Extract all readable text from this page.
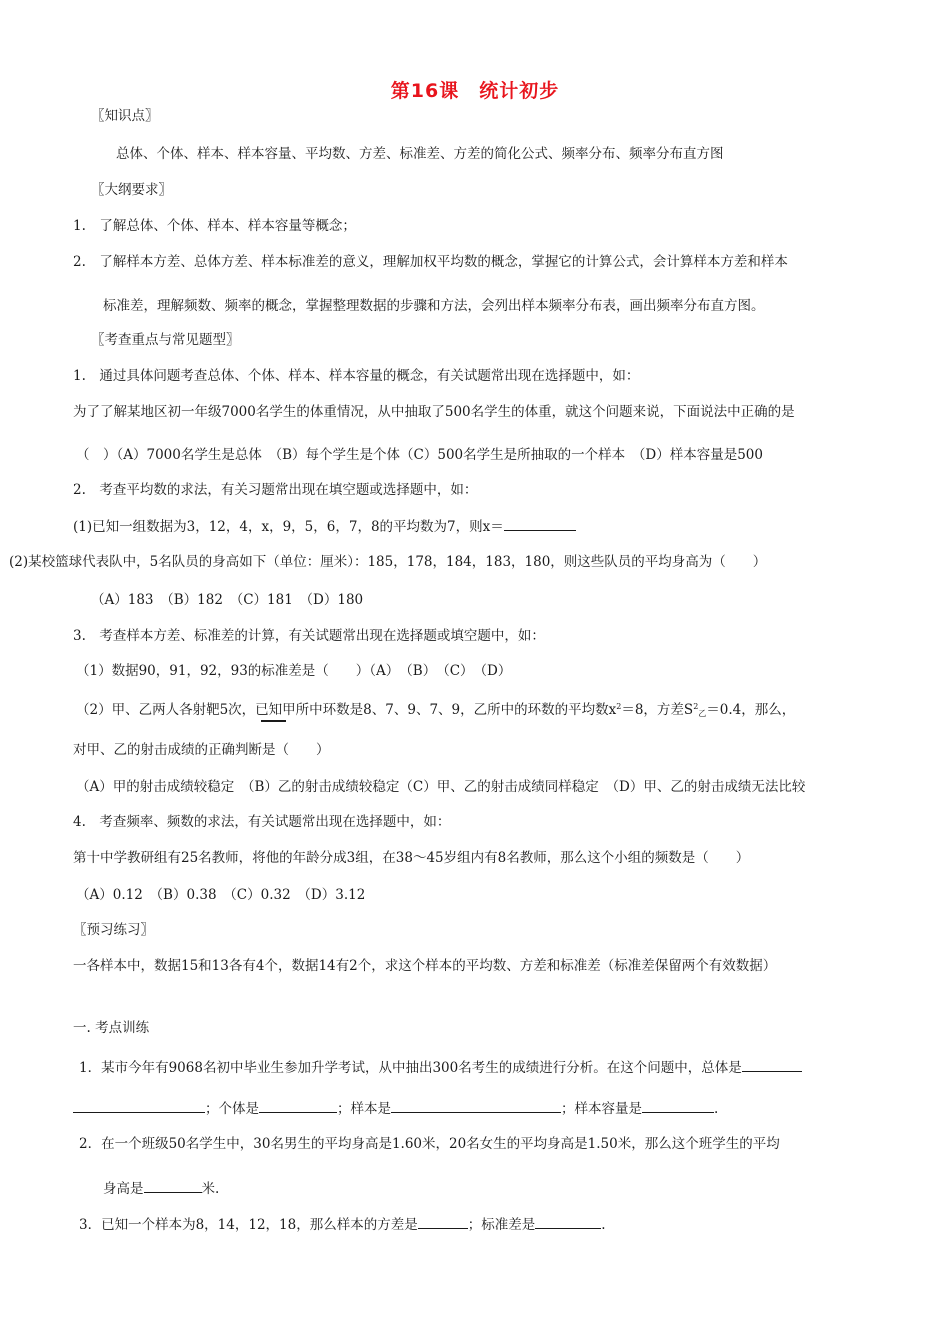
第16课　统计初步
〖知识点〗
总体、个体、样本、样本容量、平均数、方差、标准差、方差的简化公式、频率分布、频率分布直方图
〖大纲要求〗
1.　了解总体、个体、样本、样本容量等概念；
2.　了解样本方差、总体方差、样本标准差的意义，理解加权平均数的概念，掌握它的计算公式，会计算样本方差和样本
标准差，理解频数、频率的概念，掌握整理数据的步骤和方法，会列出样本频率分布表，画出频率分布直方图。
〖考查重点与常见题型〗
1.　通过具体问题考查总体、个体、样本、样本容量的概念，有关试题常出现在选择题中，如：
为了了解某地区初一年级7000名学生的体重情况，从中抽取了500名学生的体重，就这个问题来说，下面说法中正确的是
（　）（A）7000名学生是总体　（B）每个学生是个体（C）500名学生是所抽取的一个样本　（D）样本容量是500
2.　考查平均数的求法，有关习题常出现在填空题或选择题中，如：
(1)已知一组数据为3，12，4，x，9，5，6，7，8的平均数为7，则x＝
(2)某校篮球代表队中，5名队员的身高如下（单位：厘米）：185，178，184，183，180，则这些队员的平均身高为（　　）
（A）183　（B）182　（C）181　（D）180
3.　考查样本方差、标准差的计算，有关试题常出现在选择题或填空题中，如：
（1）数据90，91，92，93的标准差是（　　）（A）　（B）　（C）　（D）
（2）甲、乙两人各射靶5次，已知甲所中环数是8、7、9、7、9，乙所中的环数的平均数$x^2=8$，方差$S^2_乙=0.4$，那么，
对甲、乙的射击成绩的正确判断是（　　）
（A）甲的射击成绩较稳定　（B）乙的射击成绩较稳定（C）甲、乙的射击成绩同样稳定　（D）甲、乙的射击成绩无法比较
4.　考查频率、频数的求法，有关试题常出现在选择题中，如：
第十中学教研组有25名教师，将他的年龄分成3组，在38～45岁组内有8名教师，那么这个小组的频数是（　　）
（A）0.12　（B）0.38　（C）0.32　（D）3.12
〖预习练习〗
一各样本中，数据15和13各有4个，数据14有2个，求这个样本的平均数、方差和标准差（标准差保留两个有效数据）
一. 考点训练
1．某市今年有9068名初中毕业生参加升学考试，从中抽出300名考生的成绩进行分析。在这个问题中，总体是
；个体是	；样本是	；样本容量是	.
2．在一个班级50名学生中，30名男生的平均身高是1.60米，20名女生的平均身高是1.50米，那么这个班学生的平均
身高是	米.
3．已知一个样本为8，14，12，18，那么样本的方差是	；标准差是	.
